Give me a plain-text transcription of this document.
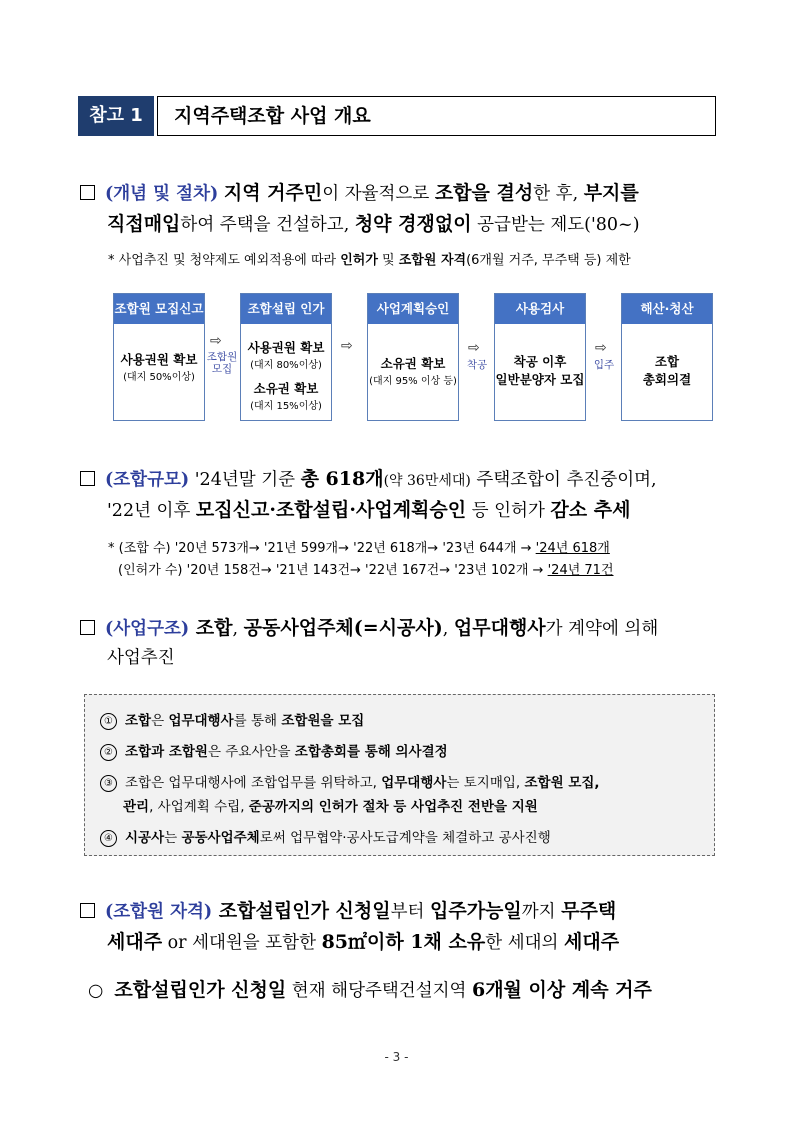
참고 1	지역주택조합 사업 개요
(개념 및 절차) 지역 거주민이 자율적으로 조합을 결성한 후, 부지를
직접매입하여 주택을 건설하고, 청약 경쟁없이 공급받는 제도('80~)
* 사업추진 및 청약제도 예외적용에 따라 인허가 및 조합원 자격(6개월 거주, 무주택 등) 제한
조합원 모집신고
사용권원 확보
(대지 50%이상)
⇨
조합원
모집
조합설립 인가
사용권원 확보
(대지 80%이상)
소유권 확보
(대지 15%이상)
⇨
사업계획승인
소유권 확보
(대지 95% 이상 등)
⇨
착공
사용검사
착공 이후
일반분양자 모집
⇨
입주
해산·청산
조합
총회의결
(조합규모) '24년말 기준 총 618개(약 36만세대) 주택조합이 추진중이며,
'22년 이후 모집신고·조합설립·사업계획승인 등 인허가 감소 추세
* (조합 수) '20년 573개→ '21년 599개→ '22년 618개→ '23년 644개 → '24년 618개
(인허가 수) '20년 158건→ '21년 143건→ '22년 167건→ '23년 102개 → '24년 71건
(사업구조) 조합, 공동사업주체(=시공사), 업무대행사가 계약에 의해
사업추진
① 조합은 업무대행사를 통해 조합원을 모집
② 조합과 조합원은 주요사안을 조합총회를 통해 의사결정
③ 조합은 업무대행사에 조합업무를 위탁하고, 업무대행사는 토지매입, 조합원 모집,
관리, 사업계획 수립, 준공까지의 인허가 절차 등 사업추진 전반을 지원
④ 시공사는 공동사업주체로써 업무협약·공사도급계약을 체결하고 공사진행
(조합원 자격) 조합설립인가 신청일부터 입주가능일까지 무주택
세대주 or 세대원을 포함한 85㎡이하 1채 소유한 세대의 세대주
○ 조합설립인가 신청일 현재 해당주택건설지역 6개월 이상 계속 거주
- 3 -
